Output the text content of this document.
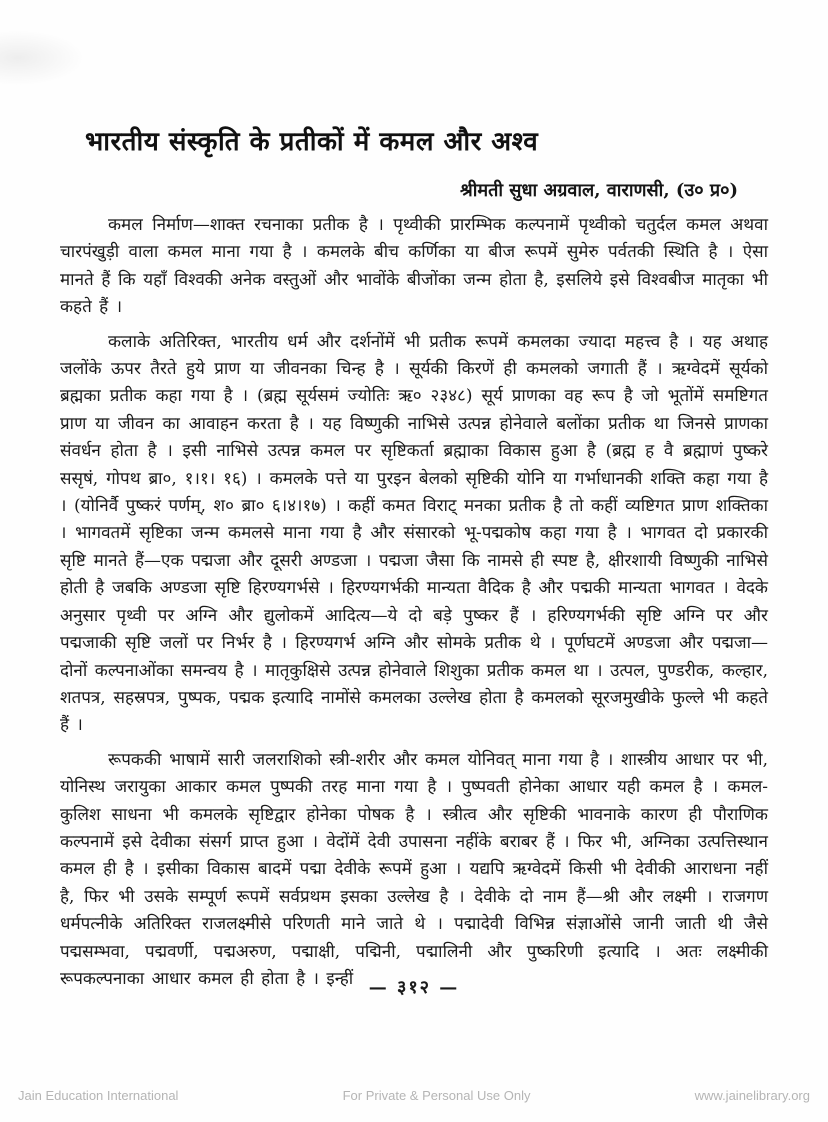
भारतीय संस्कृति के प्रतीकों में कमल और अश्व
श्रीमती सुधा अग्रवाल, वाराणसी, (उ० प्र०)

कमल निर्माण—शाक्त रचनाका प्रतीक है । पृथ्वीकी प्रारम्भिक कल्पनामें पृथ्वीको चतुर्दल कमल अथवा चारपंखुड़ी वाला कमल माना गया है । कमलके बीच कर्णिका या बीज रूपमें सुमेरु पर्वतकी स्थिति है । ऐसा मानते हैं कि यहाँ विश्वकी अनेक वस्तुओं और भावोंके बीजोंका जन्म होता है, इसलिये इसे विश्वबीज मातृका भी कहते हैं ।

कलाके अतिरिक्त, भारतीय धर्म और दर्शनोंमें भी प्रतीक रूपमें कमलका ज्यादा महत्त्व है । यह अथाह जलोंके ऊपर तैरते हुये प्राण या जीवनका चिन्ह है । सूर्यकी किरणें ही कमलको जगाती हैं । ऋग्वेदमें सूर्यको ब्रह्मका प्रतीक कहा गया है । (ब्रह्म सूर्यसमं ज्योतिः ऋ० २३४८) सूर्य प्राणका वह रूप है जो भूतोंमें समष्टिगत प्राण या जीवन का आवाहन करता है । यह विष्णुकी नाभिसे उत्पन्न होनेवाले बलोंका प्रतीक था जिनसे प्राणका संवर्धन होता है । इसी नाभिसे उत्पन्न कमल पर सृष्टिकर्ता ब्रह्माका विकास हुआ है (ब्रह्म ह वै ब्रह्माणं पुष्करे ससृषं, गोपथ ब्रा०, १।१। १६) । कमलके पत्ते या पुरइन बेलको सृष्टिकी योनि या गर्भाधानकी शक्ति कहा गया है । (योनिर्वै पुष्करं पर्णम्, श० ब्रा० ६।४।१७) । कहीं कमत विराट् मनका प्रतीक है तो कहीं व्यष्टिगत प्राण शक्तिका । भागवतमें सृष्टिका जन्म कमलसे माना गया है और संसारको भू-पद्मकोष कहा गया है । भागवत दो प्रकारकी सृष्टि मानते हैं—एक पद्मजा और दूसरी अण्डजा । पद्मजा जैसा कि नामसे ही स्पष्ट है, क्षीरशायी विष्णुकी नाभिसे होती है जबकि अण्डजा सृष्टि हिरण्यगर्भसे । हिरण्यगर्भकी मान्यता वैदिक है और पद्मकी मान्यता भागवत । वेदके अनुसार पृथ्वी पर अग्नि और द्युलोकमें आदित्य—ये दो बड़े पुष्कर हैं । हरिण्यगर्भकी सृष्टि अग्नि पर और पद्मजाकी सृष्टि जलों पर निर्भर है । हिरण्यगर्भ अग्नि और सोमके प्रतीक थे । पूर्णघटमें अण्डजा और पद्मजा—दोनों कल्पनाओंका समन्वय है । मातृकुक्षिसे उत्पन्न होनेवाले शिशुका प्रतीक कमल था । उत्पल, पुण्डरीक, कल्हार, शतपत्र, सहस्रपत्र, पुष्पक, पद्मक इत्यादि नामोंसे कमलका उल्लेख होता है कमलको सूरजमुखीके फुल्ले भी कहते हैं ।

रूपककी भाषामें सारी जलराशिको स्त्री-शरीर और कमल योनिवत् माना गया है । शास्त्रीय आधार पर भी, योनिस्थ जरायुका आकार कमल पुष्पकी तरह माना गया है । पुष्पवती होनेका आधार यही कमल है । कमल-कुलिश साधना भी कमलके सृष्टिद्वार होनेका पोषक है । स्त्रीत्व और सृष्टिकी भावनाके कारण ही पौराणिक कल्पनामें इसे देवीका संसर्ग प्राप्त हुआ । वेदोंमें देवी उपासना नहींके बराबर हैं । फिर भी, अग्निका उत्पत्तिस्थान कमल ही है । इसीका विकास बादमें पद्मा देवीके रूपमें हुआ । यद्यपि ऋग्वेदमें किसी भी देवीकी आराधना नहीं है, फिर भी उसके सम्पूर्ण रूपमें सर्वप्रथम इसका उल्लेख है । देवीके दो नाम हैं—श्री और लक्ष्मी । राजगण धर्मपत्नीके अतिरिक्त राजलक्ष्मीसे परिणती माने जाते थे । पद्मादेवी विभिन्न संज्ञाओंसे जानी जाती थी जैसे पद्मसम्भवा, पद्मवर्णी, पद्मअरुण, पद्माक्षी, पद्मिनी, पद्मालिनी और पुष्करिणी इत्यादि । अतः लक्ष्मीकी रूपकल्पनाका आधार कमल ही होता है । इन्हीं — ३१२ —
Jain Education International	For Private & Personal Use Only	www.jainelibrary.org
